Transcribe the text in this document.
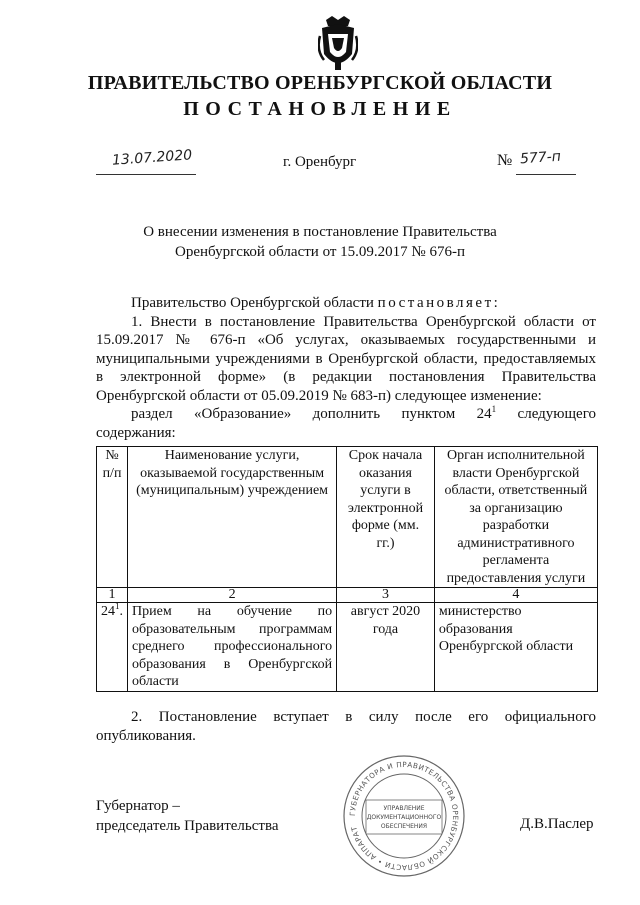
ПРАВИТЕЛЬСТВО ОРЕНБУРГСКОЙ ОБЛАСТИ
ПОСТАНОВЛЕНИЕ
13.07.2020	г. Оренбург	№ 577-п
О внесении изменения в постановление Правительства
Оренбургской области от 15.09.2017 № 676-п
Правительство Оренбургской области постановляет:
1. Внести в постановление Правительства Оренбургской области от 15.09.2017 № 676-п «Об услугах, оказываемых государственными и муниципальными учреждениями в Оренбургской области, предоставляемых в электронной форме» (в редакции постановления Правительства Оренбургской области от 05.09.2019 № 683-п) следующее изменение:
раздел «Образование» дополнить пунктом $24^1$ следующего
содержания:
№ п/п	Наименование услуги, оказываемой государственным (муниципальным) учреждением	Срок начала оказания услуги в электронной форме (мм. гг.)	Орган исполнительной власти Оренбургской области, ответственный за организацию разработки административного регламента предоставления услуги
1	2	3	4
$24^1$.	Прием на обучение по образовательным программам среднего профессионального образования в Оренбургской области	август 2020 года	министерство образования Оренбургской области
2. Постановление вступает в силу после его официального опубликования.
Губернатор –
председатель Правительства	Д.В.Паслер
ГУБЕРНАТОРА И ПРАВИТЕЛЬСТВА ОРЕНБУРГСКОЙ ОБЛАСТИ • АППАРАТ
УПРАВЛЕНИЕ
ДОКУМЕНТАЦИОННОГО
ОБЕСПЕЧЕНИЯ
